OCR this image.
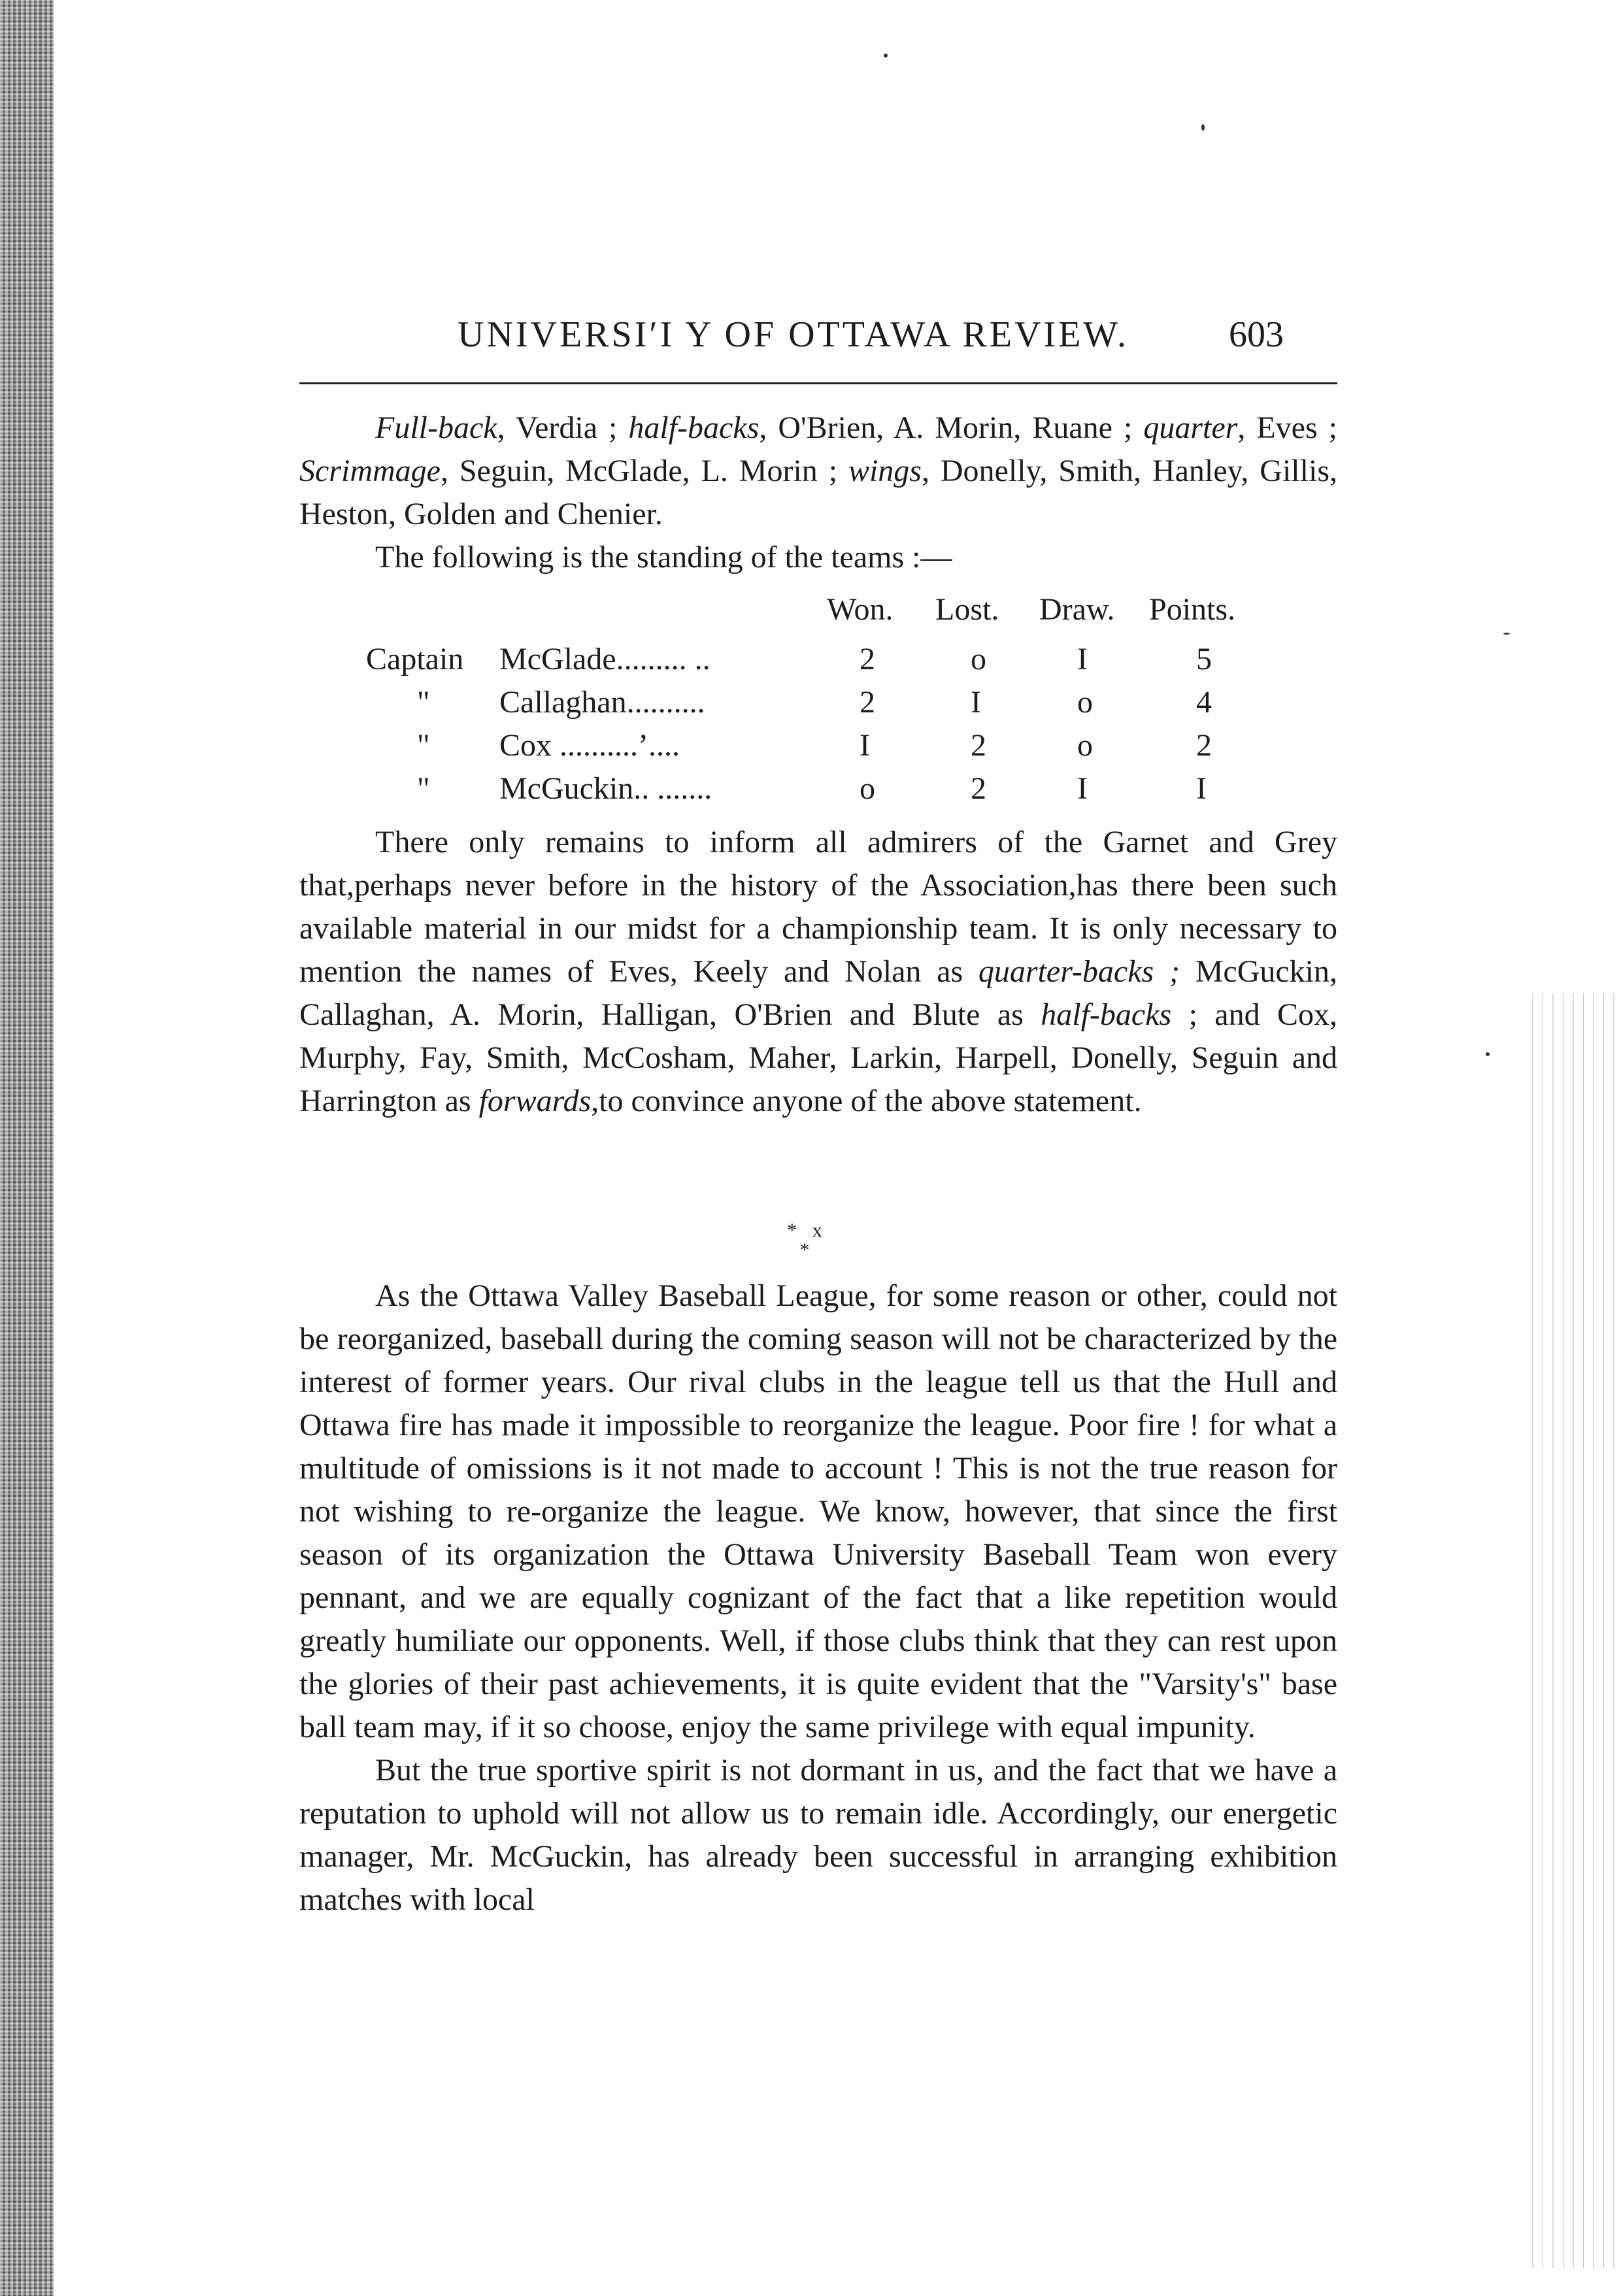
UNIVERSI′I Y OF OTTAWA REVIEW.	603

Full-back, Verdia ; half-backs, O'Brien, A. Morin, Ruane ; quarter, Eves ; Scrimmage, Seguin, McGlade, L. Morin ; wings, Donelly, Smith, Hanley, Gillis, Heston, Golden and Chenier.

The following is the standing of the teams :—

Won. Lost. Draw. Points.
Captain McGlade......... ..	2	o	I	5
" Callaghan..........	2	I	o	4
" Cox ..........’....	I	2	o	2
" McGuckin.. .......	o	2	I	I

There only remains to inform all admirers of the Garnet and Grey that,perhaps never before in the history of the Association,has there been such available material in our midst for a championship team. It is only necessary to mention the names of Eves, Keely and Nolan as quarter-backs ; McGuckin, Callaghan, A. Morin, Halligan, O'Brien and Blute as half-backs ; and Cox, Murphy, Fay, Smith, McCosham, Maher, Larkin, Harpell, Donelly, Seguin and Harrington as forwards,to convince anyone of the above statement.

* x
*

As the Ottawa Valley Baseball League, for some reason or other, could not be reorganized, baseball during the coming season will not be characterized by the interest of former years. Our rival clubs in the league tell us that the Hull and Ottawa fire has made it impossible to reorganize the league. Poor fire ! for what a multitude of omissions is it not made to account ! This is not the true reason for not wishing to re-organize the league. We know, however, that since the first season of its organization the Ottawa University Baseball Team won every pennant, and we are equally cognizant of the fact that a like repetition would greatly humiliate our opponents. Well, if those clubs think that they can rest upon the glories of their past achievements, it is quite evident that the "Varsity's" base ball team may, if it so choose, enjoy the same privilege with equal impunity.

But the true sportive spirit is not dormant in us, and the fact that we have a reputation to uphold will not allow us to remain idle. Accordingly, our energetic manager, Mr. McGuckin, has already been successful in arranging exhibition matches with local
